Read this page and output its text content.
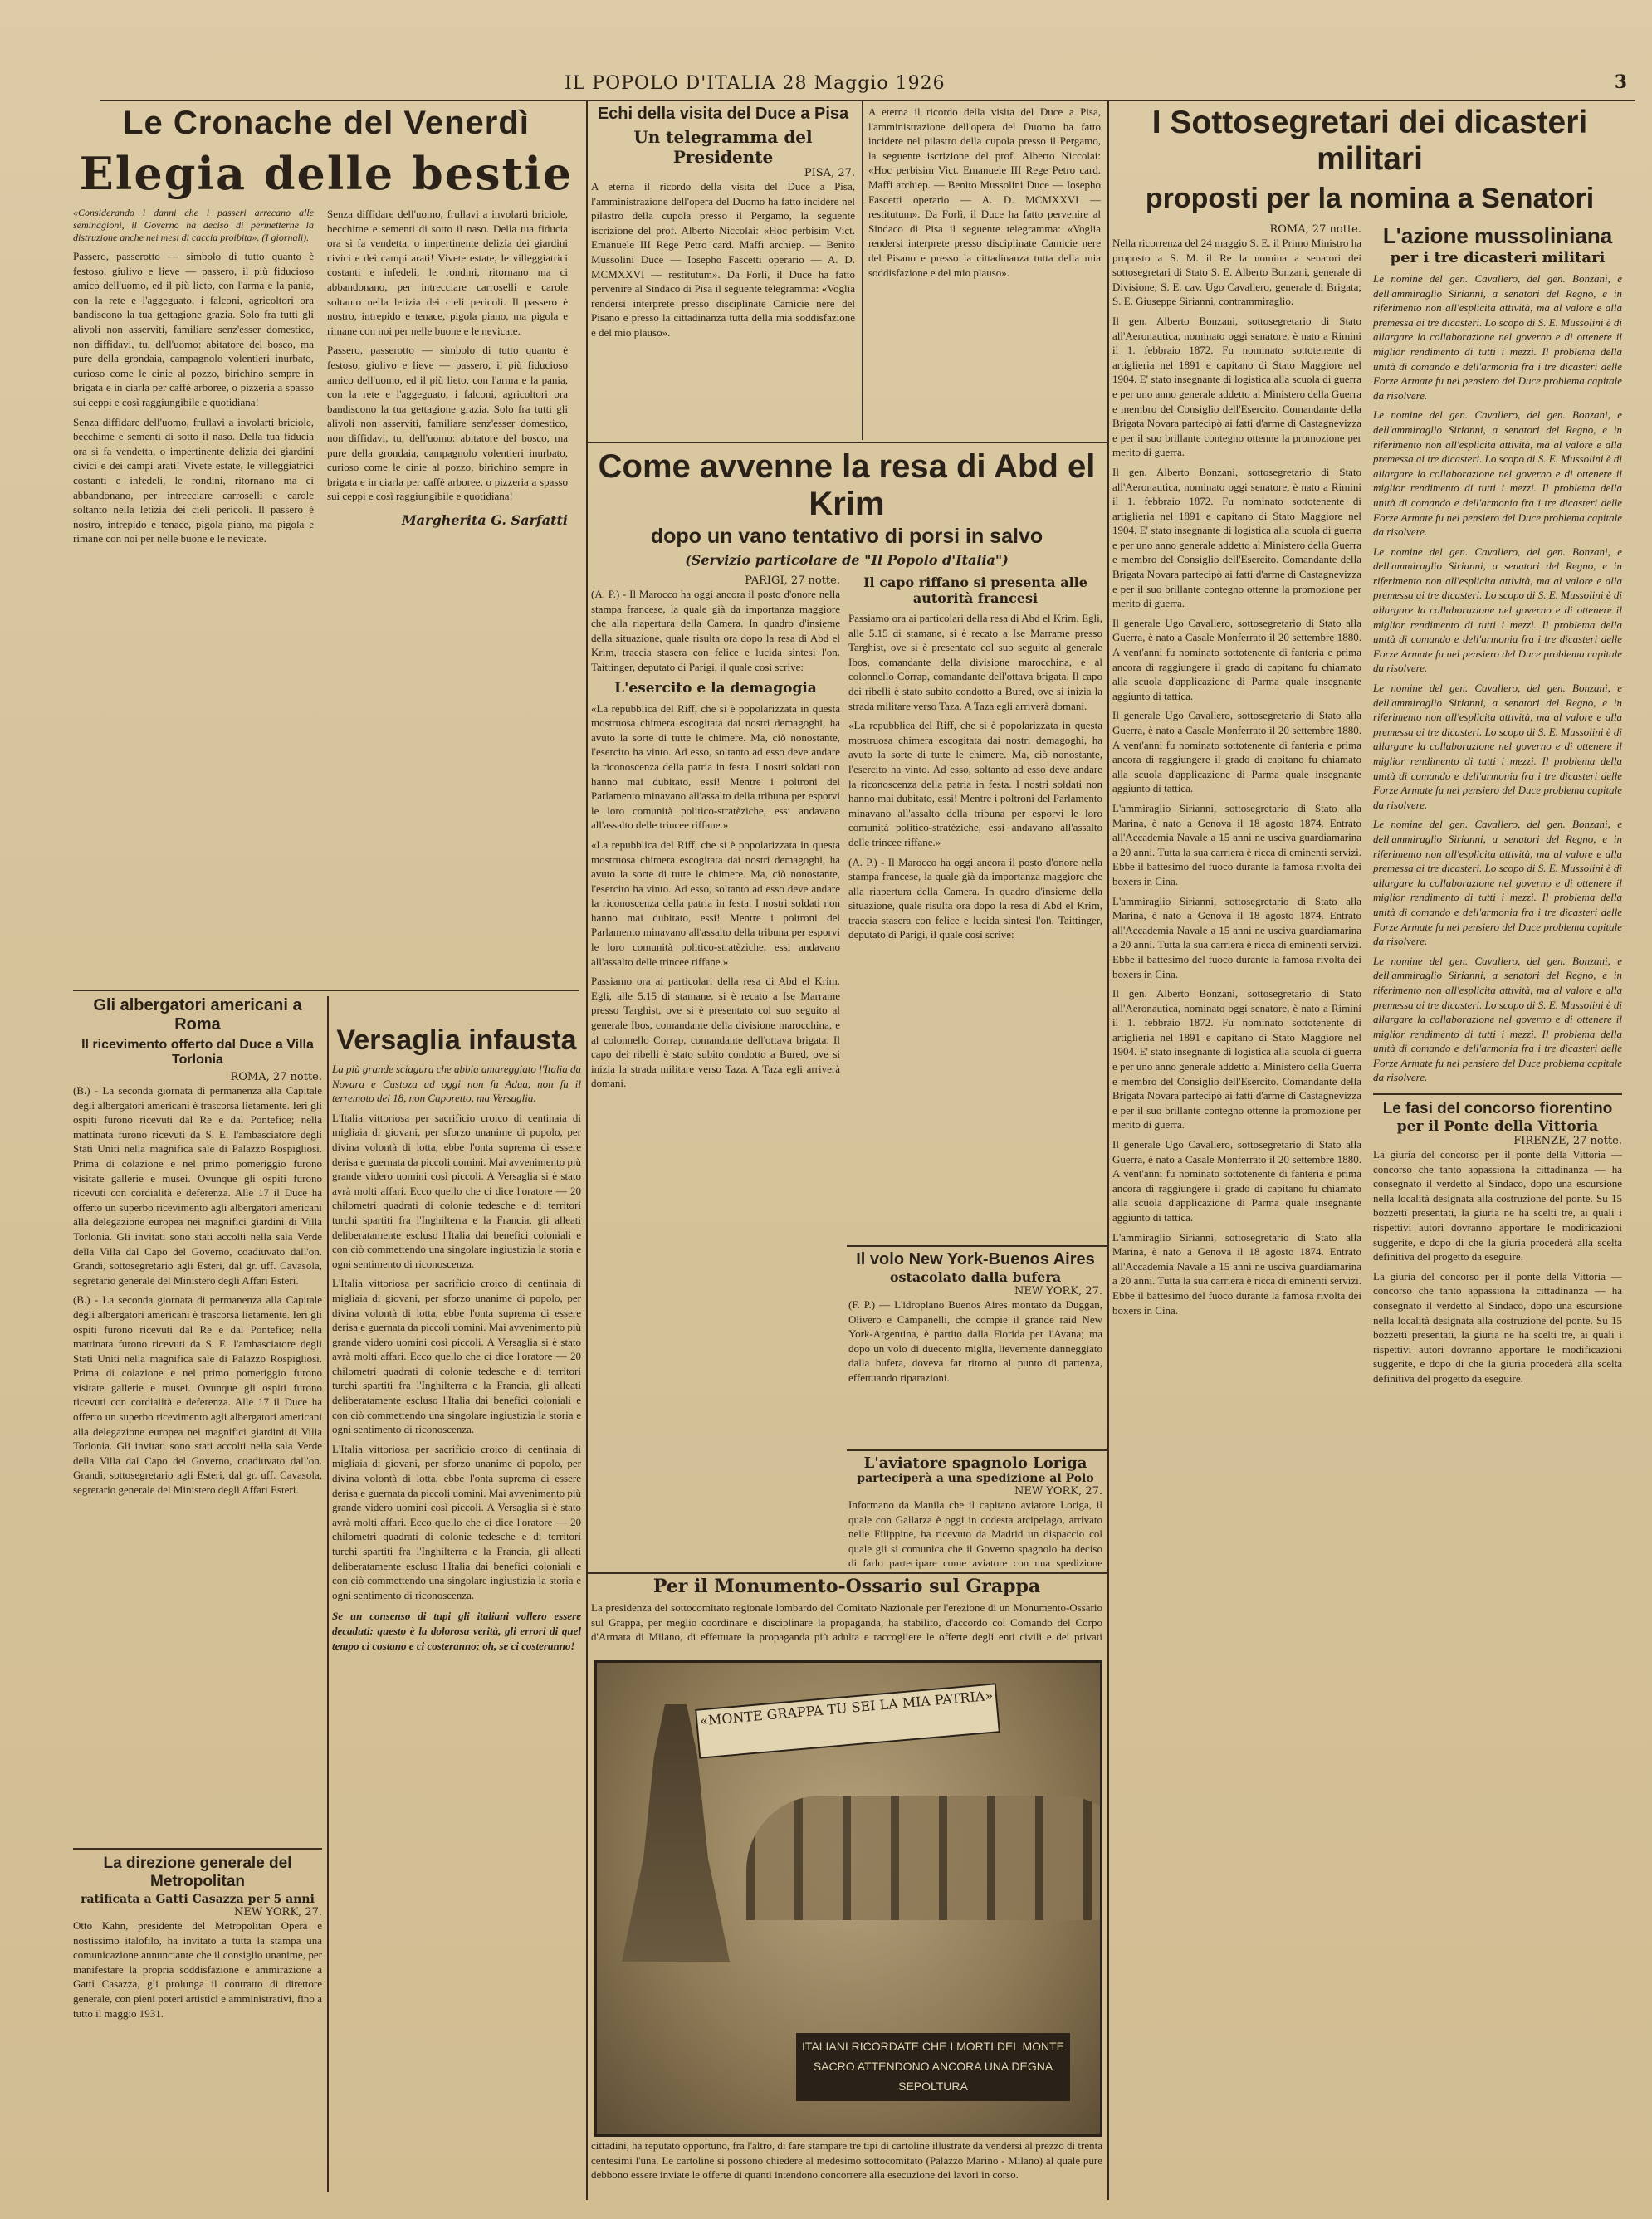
IL POPOLO D'ITALIA 28 Maggio 1926	3
Le Cronache del Venerdì
Elegia delle bestie
«Considerando i danni che i passeri arrecano alle seminagioni, il Governo ha deciso di permetterne la distruzione anche nei mesi di caccia proibita». (I giornali).
Passero, passerotto — simbolo di tutto quanto è festoso, giulivo e lieve — passero, il più fiducioso amico dell'uomo, ed il più lieto, con l'arma e la pania, con la rete e l'aggeguato, i falconi, agricoltori ora bandiscono la tua gettagione grazia. Solo fra tutti gli alivoli non asserviti, familiare senz'esser domestico, non diffidavi, tu, dell'uomo: abitatore del bosco, ma pure della grondaia, campagnolo volentieri inurbato, curioso come le cinie al pozzo, birichino sempre in brigata e in ciarla per caffè arboree, o pizzeria a spasso sui ceppi e così raggiungibile e quotidiana!
Senza diffidare dell'uomo, frullavi a involarti briciole, becchime e sementi di sotto il naso. Della tua fiducia ora si fa vendetta, o impertinente delizia dei giardini civici e dei campi arati! Vivete estate, le villeggiatrici costanti e infedeli, le rondini, ritornano ma ci abbandonano, per intrecciare carroselli e carole soltanto nella letizia dei cieli pericoli. Il passero è nostro, intrepido e tenace, pigola piano, ma pigola e rimane con noi per nelle buone e le nevicate.
Senza diffidare dell'uomo, frullavi a involarti briciole, becchime e sementi di sotto il naso. Della tua fiducia ora si fa vendetta, o impertinente delizia dei giardini civici e dei campi arati! Vivete estate, le villeggiatrici costanti e infedeli, le rondini, ritornano ma ci abbandonano, per intrecciare carroselli e carole soltanto nella letizia dei cieli pericoli. Il passero è nostro, intrepido e tenace, pigola piano, ma pigola e rimane con noi per nelle buone e le nevicate.
Passero, passerotto — simbolo di tutto quanto è festoso, giulivo e lieve — passero, il più fiducioso amico dell'uomo, ed il più lieto, con l'arma e la pania, con la rete e l'aggeguato, i falconi, agricoltori ora bandiscono la tua gettagione grazia. Solo fra tutti gli alivoli non asserviti, familiare senz'esser domestico, non diffidavi, tu, dell'uomo: abitatore del bosco, ma pure della grondaia, campagnolo volentieri inurbato, curioso come le cinie al pozzo, birichino sempre in brigata e in ciarla per caffè arboree, o pizzeria a spasso sui ceppi e così raggiungibile e quotidiana!
Margherita G. Sarfatti
Gli albergatori americani a Roma
Il ricevimento offerto dal Duce a Villa Torlonia
ROMA, 27 notte.
(B.) - La seconda giornata di permanenza alla Capitale degli albergatori americani è trascorsa lietamente. Ieri gli ospiti furono ricevuti dal Re e dal Pontefice; nella mattinata furono ricevuti da S. E. l'ambasciatore degli Stati Uniti nella magnifica sale di Palazzo Rospigliosi. Prima di colazione e nel primo pomeriggio furono visitate gallerie e musei. Ovunque gli ospiti furono ricevuti con cordialità e deferenza. Alle 17 il Duce ha offerto un superbo ricevimento agli albergatori americani alla delegazione europea nei magnifici giardini di Villa Torlonia. Gli invitati sono stati accolti nella sala Verde della Villa dal Capo del Governo, coadiuvato dall'on. Grandi, sottosegretario agli Esteri, dal gr. uff. Cavasola, segretario generale del Ministero degli Affari Esteri.
(B.) - La seconda giornata di permanenza alla Capitale degli albergatori americani è trascorsa lietamente. Ieri gli ospiti furono ricevuti dal Re e dal Pontefice; nella mattinata furono ricevuti da S. E. l'ambasciatore degli Stati Uniti nella magnifica sale di Palazzo Rospigliosi. Prima di colazione e nel primo pomeriggio furono visitate gallerie e musei. Ovunque gli ospiti furono ricevuti con cordialità e deferenza. Alle 17 il Duce ha offerto un superbo ricevimento agli albergatori americani alla delegazione europea nei magnifici giardini di Villa Torlonia. Gli invitati sono stati accolti nella sala Verde della Villa dal Capo del Governo, coadiuvato dall'on. Grandi, sottosegretario agli Esteri, dal gr. uff. Cavasola, segretario generale del Ministero degli Affari Esteri.
La direzione generale del Metropolitan
ratificata a Gatti Casazza per 5 anni
NEW YORK, 27.
Otto Kahn, presidente del Metropolitan Opera e nostissimo italofilo, ha invitato a tutta la stampa una comunicazione annunciante che il consiglio unanime, per manifestare la propria soddisfazione e ammirazione a Gatti Casazza, gli prolunga il contratto di direttore generale, con pieni poteri artistici e amministrativi, fino a tutto il maggio 1931.
Echi della visita del Duce a Pisa
Un telegramma del Presidente
PISA, 27.
A eterna il ricordo della visita del Duce a Pisa, l'amministrazione dell'opera del Duomo ha fatto incidere nel pilastro della cupola presso il Pergamo, la seguente iscrizione del prof. Alberto Niccolai: «Hoc perbisim Vict. Emanuele III Rege Petro card. Maffi archiep. — Benito Mussolini Duce — Iosepho Fascetti operario — A. D. MCMXXVI — restitutum». Da Forlì, il Duce ha fatto pervenire al Sindaco di Pisa il seguente telegramma: «Voglia rendersi interprete presso disciplinate Camicie nere del Pisano e presso la cittadinanza tutta della mia soddisfazione e del mio plauso».
Versaglia infausta
La più grande sciagura che abbia amareggiato l'Italia da Novara e Custoza ad oggi non fu Adua, non fu il terremoto del 18, non Caporetto, ma Versaglia.
L'Italia vittoriosa per sacrificio croico di centinaia di migliaia di giovani, per sforzo unanime di popolo, per divina volontà di lotta, ebbe l'onta suprema di essere derisa e guernata da piccoli uomini. Mai avvenimento più grande videro uomini così piccoli. A Versaglia si è stato avrà molti affari. Ecco quello che ci dice l'oratore — 20 chilometri quadrati di colonie tedesche e di territori turchi spartiti fra l'Inghilterra e la Francia, gli alleati deliberatamente escluso l'Italia dai benefici coloniali e con ciò commettendo una singolare ingiustizia la storia e ogni sentimento di riconoscenza.
L'Italia vittoriosa per sacrificio croico di centinaia di migliaia di giovani, per sforzo unanime di popolo, per divina volontà di lotta, ebbe l'onta suprema di essere derisa e guernata da piccoli uomini. Mai avvenimento più grande videro uomini così piccoli. A Versaglia si è stato avrà molti affari. Ecco quello che ci dice l'oratore — 20 chilometri quadrati di colonie tedesche e di territori turchi spartiti fra l'Inghilterra e la Francia, gli alleati deliberatamente escluso l'Italia dai benefici coloniali e con ciò commettendo una singolare ingiustizia la storia e ogni sentimento di riconoscenza.
L'Italia vittoriosa per sacrificio croico di centinaia di migliaia di giovani, per sforzo unanime di popolo, per divina volontà di lotta, ebbe l'onta suprema di essere derisa e guernata da piccoli uomini. Mai avvenimento più grande videro uomini così piccoli. A Versaglia si è stato avrà molti affari. Ecco quello che ci dice l'oratore — 20 chilometri quadrati di colonie tedesche e di territori turchi spartiti fra l'Inghilterra e la Francia, gli alleati deliberatamente escluso l'Italia dai benefici coloniali e con ciò commettendo una singolare ingiustizia la storia e ogni sentimento di riconoscenza.
Se un consenso di tupi gli italiani vollero essere decaduti: questo è la dolorosa verità, gli errori di quel tempo ci costano e ci costeranno; oh, se ci costeranno!
A eterna il ricordo della visita del Duce a Pisa, l'amministrazione dell'opera del Duomo ha fatto incidere nel pilastro della cupola presso il Pergamo, la seguente iscrizione del prof. Alberto Niccolai: «Hoc perbisim Vict. Emanuele III Rege Petro card. Maffi archiep. — Benito Mussolini Duce — Iosepho Fascetti operario — A. D. MCMXXVI — restitutum». Da Forlì, il Duce ha fatto pervenire al Sindaco di Pisa il seguente telegramma: «Voglia rendersi interprete presso disciplinate Camicie nere del Pisano e presso la cittadinanza tutta della mia soddisfazione e del mio plauso».
Come avvenne la resa di Abd el Krim
dopo un vano tentativo di porsi in salvo
(Servizio particolare de "Il Popolo d'Italia")
PARIGI, 27 notte.
(A. P.) - Il Marocco ha oggi ancora il posto d'onore nella stampa francese, la quale già da importanza maggiore che alla riapertura della Camera. In quadro d'insieme della situazione, quale risulta ora dopo la resa di Abd el Krim, traccia stasera con felice e lucida sintesi l'on. Taittinger, deputato di Parigi, il quale così scrive:
L'esercito e la demagogia
«La repubblica del Riff, che si è popolarizzata in questa mostruosa chimera escogitata dai nostri demagoghi, ha avuto la sorte di tutte le chimere. Ma, ciò nonostante, l'esercito ha vinto. Ad esso, soltanto ad esso deve andare la riconoscenza della patria in festa. I nostri soldati non hanno mai dubitato, essi! Mentre i poltroni del Parlamento minavano all'assalto della tribuna per esporvi le loro comunità politico-stratèziche, essi andavano all'assalto delle trincee riffane.»
«La repubblica del Riff, che si è popolarizzata in questa mostruosa chimera escogitata dai nostri demagoghi, ha avuto la sorte di tutte le chimere. Ma, ciò nonostante, l'esercito ha vinto. Ad esso, soltanto ad esso deve andare la riconoscenza della patria in festa. I nostri soldati non hanno mai dubitato, essi! Mentre i poltroni del Parlamento minavano all'assalto della tribuna per esporvi le loro comunità politico-stratèziche, essi andavano all'assalto delle trincee riffane.»
Passiamo ora ai particolari della resa di Abd el Krim. Egli, alle 5.15 di stamane, si è recato a Ise Marrame presso Targhist, ove si è presentato col suo seguito al generale Ibos, comandante della divisione marocchina, e al colonnello Corrap, comandante dell'ottava brigata. Il capo dei ribelli è stato subito condotto a Bured, ove si inizia la strada militare verso Taza. A Taza egli arriverà domani.
Il capo riffano si presenta alle autorità francesi
Passiamo ora ai particolari della resa di Abd el Krim. Egli, alle 5.15 di stamane, si è recato a Ise Marrame presso Targhist, ove si è presentato col suo seguito al generale Ibos, comandante della divisione marocchina, e al colonnello Corrap, comandante dell'ottava brigata. Il capo dei ribelli è stato subito condotto a Bured, ove si inizia la strada militare verso Taza. A Taza egli arriverà domani.
«La repubblica del Riff, che si è popolarizzata in questa mostruosa chimera escogitata dai nostri demagoghi, ha avuto la sorte di tutte le chimere. Ma, ciò nonostante, l'esercito ha vinto. Ad esso, soltanto ad esso deve andare la riconoscenza della patria in festa. I nostri soldati non hanno mai dubitato, essi! Mentre i poltroni del Parlamento minavano all'assalto della tribuna per esporvi le loro comunità politico-stratèziche, essi andavano all'assalto delle trincee riffane.»
(A. P.) - Il Marocco ha oggi ancora il posto d'onore nella stampa francese, la quale già da importanza maggiore che alla riapertura della Camera. In quadro d'insieme della situazione, quale risulta ora dopo la resa di Abd el Krim, traccia stasera con felice e lucida sintesi l'on. Taittinger, deputato di Parigi, il quale così scrive:
Il volo New York-Buenos Aires
ostacolato dalla bufera
NEW YORK, 27.
(F. P.) — L'idroplano Buenos Aires montato da Duggan, Olivero e Campanelli, che compie il grande raid New York-Argentina, è partito dalla Florida per l'Avana; ma dopo un volo di duecento miglia, lievemente danneggiato dalla bufera, doveva far ritorno al punto di partenza, effettuando riparazioni.
L'aviatore spagnolo Loriga
parteciperà a una spedizione al Polo
NEW YORK, 27.
Informano da Manila che il capitano aviatore Loriga, il quale con Gallarza è oggi in codesta arcipelago, arrivato nelle Filippine, ha ricevuto da Madrid un dispaccio col quale gli si comunica che il Governo spagnolo ha deciso di farlo partecipare come aviatore con una spedizione
Per il Monumento-Ossario sul Grappa
La presidenza del sottocomitato regionale lombardo del Comitato Nazionale per l'erezione di un Monumento-Ossario sul Grappa, per meglio coordinare e disciplinare la propaganda, ha stabilito, d'accordo col Comando del Corpo d'Armata di Milano, di effettuare la propaganda più adulta e raccogliere le offerte degli enti civili e dei privati
«MONTE GRAPPA TU SEI LA MIA PATRIA»
ITALIANI RICORDATE CHE I MORTI DEL MONTE SACRO ATTENDONO ANCORA UNA DEGNA SEPOLTURA
cittadini, ha reputato opportuno, fra l'altro, di fare stampare tre tipi di cartoline illustrate da vendersi al prezzo di trenta centesimi l'una. Le cartoline si possono chiedere al medesimo sottocomitato (Palazzo Marino - Milano) al quale pure debbono essere inviate le offerte di quanti intendono concorrere alla esecuzione dei lavori in corso.
I Sottosegretari dei dicasteri militari
proposti per la nomina a Senatori
ROMA, 27 notte.
Nella ricorrenza del 24 maggio S. E. il Primo Ministro ha proposto a S. M. il Re la nomina a senatori dei sottosegretari di Stato S. E. Alberto Bonzani, generale di Divisione; S. E. cav. Ugo Cavallero, generale di Brigata; S. E. Giuseppe Sirianni, contrammiraglio.
Il gen. Alberto Bonzani, sottosegretario di Stato all'Aeronautica, nominato oggi senatore, è nato a Rimini il 1. febbraio 1872. Fu nominato sottotenente di artiglieria nel 1891 e capitano di Stato Maggiore nel 1904. E' stato insegnante di logistica alla scuola di guerra e per uno anno generale addetto al Ministero della Guerra e membro del Consiglio dell'Esercito. Comandante della Brigata Novara partecipò ai fatti d'arme di Castagnevizza e per il suo brillante contegno ottenne la promozione per merito di guerra.
Il gen. Alberto Bonzani, sottosegretario di Stato all'Aeronautica, nominato oggi senatore, è nato a Rimini il 1. febbraio 1872. Fu nominato sottotenente di artiglieria nel 1891 e capitano di Stato Maggiore nel 1904. E' stato insegnante di logistica alla scuola di guerra e per uno anno generale addetto al Ministero della Guerra e membro del Consiglio dell'Esercito. Comandante della Brigata Novara partecipò ai fatti d'arme di Castagnevizza e per il suo brillante contegno ottenne la promozione per merito di guerra.
Il generale Ugo Cavallero, sottosegretario di Stato alla Guerra, è nato a Casale Monferrato il 20 settembre 1880. A vent'anni fu nominato sottotenente di fanteria e prima ancora di raggiungere il grado di capitano fu chiamato alla scuola d'applicazione di Parma quale insegnante aggiunto di tattica.
Il generale Ugo Cavallero, sottosegretario di Stato alla Guerra, è nato a Casale Monferrato il 20 settembre 1880. A vent'anni fu nominato sottotenente di fanteria e prima ancora di raggiungere il grado di capitano fu chiamato alla scuola d'applicazione di Parma quale insegnante aggiunto di tattica.
L'ammiraglio Sirianni, sottosegretario di Stato alla Marina, è nato a Genova il 18 agosto 1874. Entrato all'Accademia Navale a 15 anni ne usciva guardiamarina a 20 anni. Tutta la sua carriera è ricca di eminenti servizi. Ebbe il battesimo del fuoco durante la famosa rivolta dei boxers in Cina.
L'ammiraglio Sirianni, sottosegretario di Stato alla Marina, è nato a Genova il 18 agosto 1874. Entrato all'Accademia Navale a 15 anni ne usciva guardiamarina a 20 anni. Tutta la sua carriera è ricca di eminenti servizi. Ebbe il battesimo del fuoco durante la famosa rivolta dei boxers in Cina.
Il gen. Alberto Bonzani, sottosegretario di Stato all'Aeronautica, nominato oggi senatore, è nato a Rimini il 1. febbraio 1872. Fu nominato sottotenente di artiglieria nel 1891 e capitano di Stato Maggiore nel 1904. E' stato insegnante di logistica alla scuola di guerra e per uno anno generale addetto al Ministero della Guerra e membro del Consiglio dell'Esercito. Comandante della Brigata Novara partecipò ai fatti d'arme di Castagnevizza e per il suo brillante contegno ottenne la promozione per merito di guerra.
Il generale Ugo Cavallero, sottosegretario di Stato alla Guerra, è nato a Casale Monferrato il 20 settembre 1880. A vent'anni fu nominato sottotenente di fanteria e prima ancora di raggiungere il grado di capitano fu chiamato alla scuola d'applicazione di Parma quale insegnante aggiunto di tattica.
L'ammiraglio Sirianni, sottosegretario di Stato alla Marina, è nato a Genova il 18 agosto 1874. Entrato all'Accademia Navale a 15 anni ne usciva guardiamarina a 20 anni. Tutta la sua carriera è ricca di eminenti servizi. Ebbe il battesimo del fuoco durante la famosa rivolta dei boxers in Cina.
L'azione mussoliniana
per i tre dicasteri militari
Le nomine del gen. Cavallero, del gen. Bonzani, e dell'ammiraglio Sirianni, a senatori del Regno, e in riferimento non all'esplicita attività, ma al valore e alla premessa ai tre dicasteri. Lo scopo di S. E. Mussolini è di allargare la collaborazione nel governo e di ottenere il miglior rendimento di tutti i mezzi. Il problema della unità di comando e dell'armonia fra i tre dicasteri delle Forze Armate fu nel pensiero del Duce problema capitale da risolvere.
Le nomine del gen. Cavallero, del gen. Bonzani, e dell'ammiraglio Sirianni, a senatori del Regno, e in riferimento non all'esplicita attività, ma al valore e alla premessa ai tre dicasteri. Lo scopo di S. E. Mussolini è di allargare la collaborazione nel governo e di ottenere il miglior rendimento di tutti i mezzi. Il problema della unità di comando e dell'armonia fra i tre dicasteri delle Forze Armate fu nel pensiero del Duce problema capitale da risolvere.
Le nomine del gen. Cavallero, del gen. Bonzani, e dell'ammiraglio Sirianni, a senatori del Regno, e in riferimento non all'esplicita attività, ma al valore e alla premessa ai tre dicasteri. Lo scopo di S. E. Mussolini è di allargare la collaborazione nel governo e di ottenere il miglior rendimento di tutti i mezzi. Il problema della unità di comando e dell'armonia fra i tre dicasteri delle Forze Armate fu nel pensiero del Duce problema capitale da risolvere.
Le nomine del gen. Cavallero, del gen. Bonzani, e dell'ammiraglio Sirianni, a senatori del Regno, e in riferimento non all'esplicita attività, ma al valore e alla premessa ai tre dicasteri. Lo scopo di S. E. Mussolini è di allargare la collaborazione nel governo e di ottenere il miglior rendimento di tutti i mezzi. Il problema della unità di comando e dell'armonia fra i tre dicasteri delle Forze Armate fu nel pensiero del Duce problema capitale da risolvere.
Le nomine del gen. Cavallero, del gen. Bonzani, e dell'ammiraglio Sirianni, a senatori del Regno, e in riferimento non all'esplicita attività, ma al valore e alla premessa ai tre dicasteri. Lo scopo di S. E. Mussolini è di allargare la collaborazione nel governo e di ottenere il miglior rendimento di tutti i mezzi. Il problema della unità di comando e dell'armonia fra i tre dicasteri delle Forze Armate fu nel pensiero del Duce problema capitale da risolvere.
Le nomine del gen. Cavallero, del gen. Bonzani, e dell'ammiraglio Sirianni, a senatori del Regno, e in riferimento non all'esplicita attività, ma al valore e alla premessa ai tre dicasteri. Lo scopo di S. E. Mussolini è di allargare la collaborazione nel governo e di ottenere il miglior rendimento di tutti i mezzi. Il problema della unità di comando e dell'armonia fra i tre dicasteri delle Forze Armate fu nel pensiero del Duce problema capitale da risolvere.
Le fasi del concorso fiorentino
per il Ponte della Vittoria
FIRENZE, 27 notte.
La giuria del concorso per il ponte della Vittoria — concorso che tanto appassiona la cittadinanza — ha consegnato il verdetto al Sindaco, dopo una escursione nella località designata alla costruzione del ponte. Su 15 bozzetti presentati, la giuria ne ha scelti tre, ai quali i rispettivi autori dovranno apportare le modificazioni suggerite, e dopo di che la giuria procederà alla scelta definitiva del progetto da eseguire.
La giuria del concorso per il ponte della Vittoria — concorso che tanto appassiona la cittadinanza — ha consegnato il verdetto al Sindaco, dopo una escursione nella località designata alla costruzione del ponte. Su 15 bozzetti presentati, la giuria ne ha scelti tre, ai quali i rispettivi autori dovranno apportare le modificazioni suggerite, e dopo di che la giuria procederà alla scelta definitiva del progetto da eseguire.
